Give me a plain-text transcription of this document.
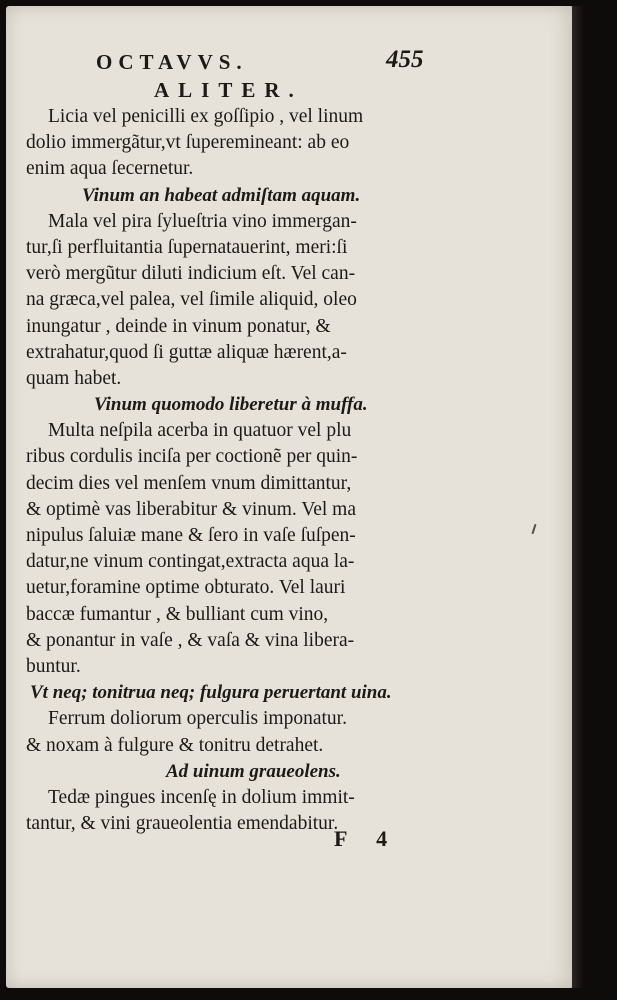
OCTAVVS.	455
ALITER.
Licia vel penicilli ex goſſipio , vel linum
dolio immergãtur,vt ſuperemineant: ab eo
enim aqua ſecernetur.
Vinum an habeat admiſtam aquam.
Mala vel pira ſylueſtria vino immergan-
tur,ſi perfluitantia ſupernatauerint, meri:ſi
verò mergũtur diluti indicium eſt. Vel can-
na græca,vel palea, vel ſimile aliquid, oleo
inungatur , deinde in vinum ponatur, &
extrahatur,quod ſi guttæ aliquæ hærent,a-
quam habet.
Vinum quomodo liberetur à muffa.
Multa neſpila acerba in quatuor vel plu
ribus cordulis inciſa per coctionẽ per quin-
decim dies vel menſem vnum dimittantur,
& optimè vas liberabitur & vinum. Vel ma
nipulus ſaluiæ mane & ſero in vaſe ſuſpen-
datur,ne vinum contingat,extracta aqua la-
uetur,foramine optime obturato. Vel lauri
baccæ fumantur , & bulliant cum vino,
& ponantur in vaſe , & vaſa & vina libera-
buntur.
Vt neq; tonitrua neq; fulgura peruertant uina.
Ferrum doliorum operculis imponatur.
& noxam à fulgure & tonitru detrahet.
Ad uinum graueolens.
Tedæ pingues incenſę in dolium immit-
tantur, & vini graueolentia emendabitur.
F 4
